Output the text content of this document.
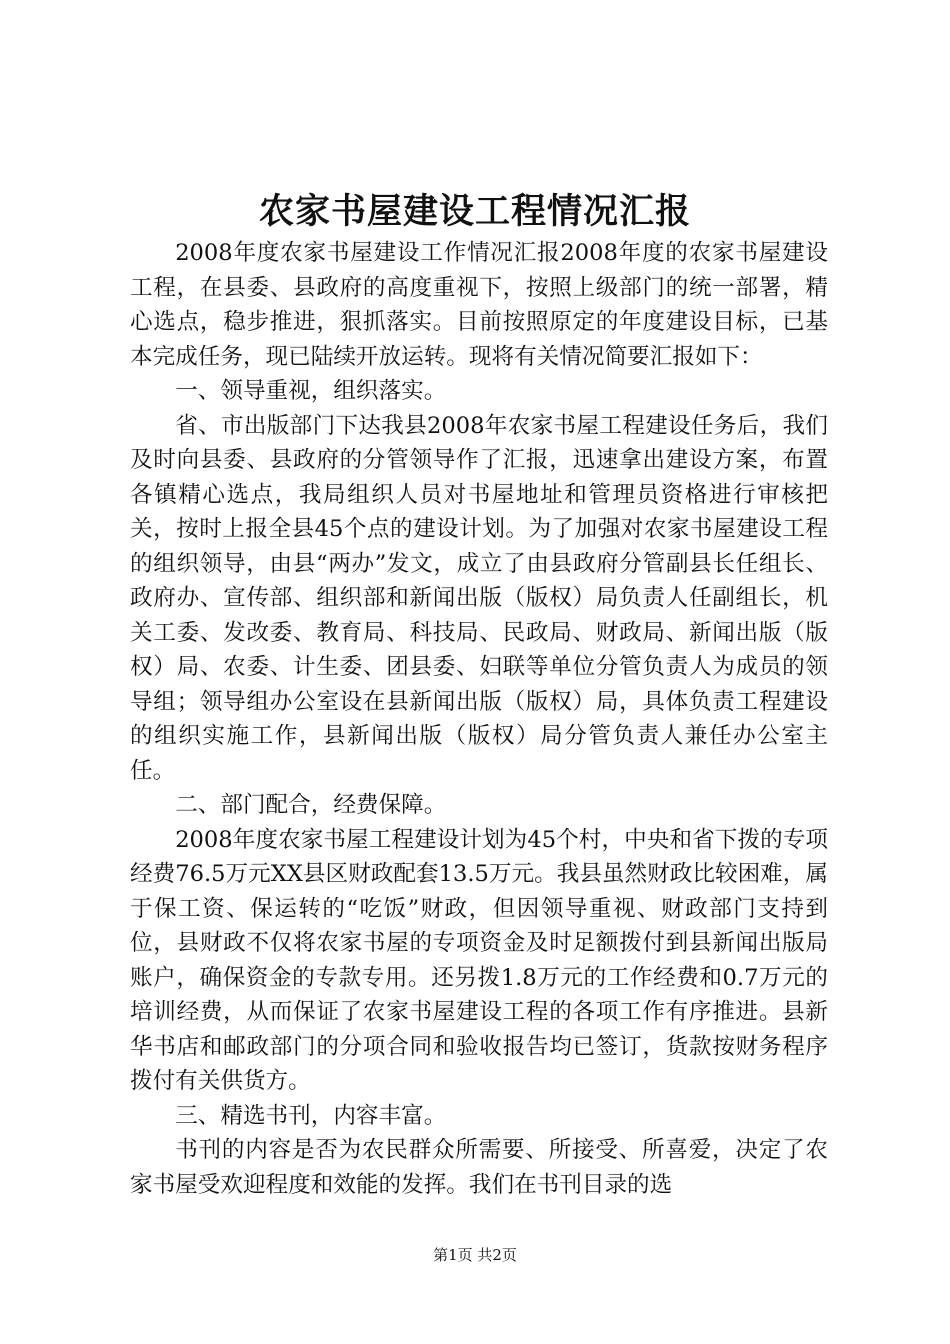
农家书屋建设工程情况汇报

2008年度农家书屋建设工作情况汇报2008年度的农家书屋建设工程，在县委、县政府的高度重视下，按照上级部门的统一部署，精心选点，稳步推进，狠抓落实。目前按照原定的年度建设目标，已基本完成任务，现已陆续开放运转。现将有关情况简要汇报如下：

一、领导重视，组织落实。

省、市出版部门下达我县2008年农家书屋工程建设任务后，我们及时向县委、县政府的分管领导作了汇报，迅速拿出建设方案，布置各镇精心选点，我局组织人员对书屋地址和管理员资格进行审核把关，按时上报全县45个点的建设计划。为了加强对农家书屋建设工程的组织领导，由县“两办”发文，成立了由县政府分管副县长任组长、政府办、宣传部、组织部和新闻出版（版权）局负责人任副组长，机关工委、发改委、教育局、科技局、民政局、财政局、新闻出版（版权）局、农委、计生委、团县委、妇联等单位分管负责人为成员的领导组；领导组办公室设在县新闻出版（版权）局，具体负责工程建设的组织实施工作，县新闻出版（版权）局分管负责人兼任办公室主任。

二、部门配合，经费保障。

2008年度农家书屋工程建设计划为45个村，中央和省下拨的专项经费76.5万元XX县区财政配套13.5万元。我县虽然财政比较困难，属于保工资、保运转的“吃饭”财政，但因领导重视、财政部门支持到位，县财政不仅将农家书屋的专项资金及时足额拨付到县新闻出版局账户，确保资金的专款专用。还另拨1.8万元的工作经费和0.7万元的培训经费，从而保证了农家书屋建设工程的各项工作有序推进。县新华书店和邮政部门的分项合同和验收报告均已签订，货款按财务程序拨付有关供货方。

三、精选书刊，内容丰富。

书刊的内容是否为农民群众所需要、所接受、所喜爱，决定了农家书屋受欢迎程度和效能的发挥。我们在书刊目录的选

第1页 共2页
